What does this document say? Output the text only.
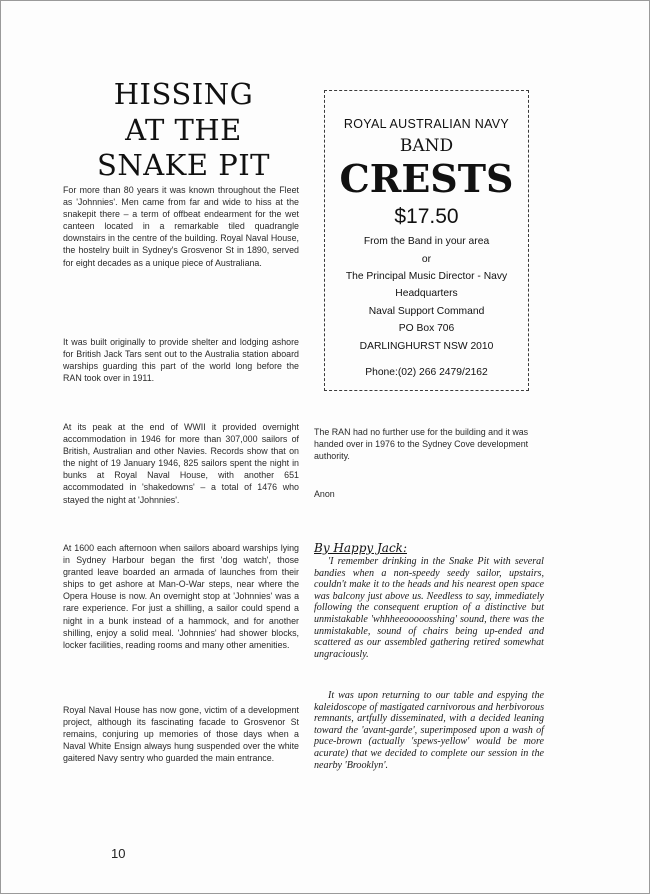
HISSING
AT THE
SNAKE PIT
For more than 80 years it was known throughout the Fleet as 'Johnnies'. Men came from far and wide to hiss at the snakepit there – a term of offbeat endearment for the wet canteen located in a remarkable tiled quadrangle downstairs in the centre of the building. Royal Naval House, the hostelry built in Sydney's Grosvenor St in 1890, served for eight decades as a unique piece of Australiana.
It was built originally to provide shelter and lodging ashore for British Jack Tars sent out to the Australia station aboard warships guarding this part of the world long before the RAN took over in 1911.
At its peak at the end of WWII it provided overnight accommodation in 1946 for more than 307,000 sailors of British, Australian and other Navies. Records show that on the night of 19 January 1946, 825 sailors spent the night in bunks at Royal Naval House, with another 651 accommodated in 'shakedowns' – a total of 1476 who stayed the night at 'Johnnies'.
At 1600 each afternoon when sailors aboard warships lying in Sydney Harbour began the first 'dog watch', those granted leave boarded an armada of launches from their ships to get ashore at Man-O-War steps, near where the Opera House is now. An overnight stop at 'Johnnies' was a rare experience. For just a shilling, a sailor could spend a night in a bunk instead of a hammock, and for another shilling, enjoy a solid meal. 'Johnnies' had shower blocks, locker facilities, reading rooms and many other amenities.
Royal Naval House has now gone, victim of a development project, although its fascinating facade to Grosvenor St remains, conjuring up memories of those days when a Naval White Ensign always hung suspended over the white gaitered Navy sentry who guarded the main entrance.
ROYAL AUSTRALIAN NAVY
BAND
CRESTS
$17.50
From the Band in your area
or
The Principal Music Director - Navy
Headquarters
Naval Support Command
PO Box 706
DARLINGHURST NSW 2010
Phone:(02) 266 2479/2162
The RAN had no further use for the building and it was handed over in 1976 to the Sydney Cove development authority.
Anon
By Happy Jack:
'I remember drinking in the Snake Pit with several bandies when a non-speedy seedy sailor, upstairs, couldn't make it to the heads and his nearest open space was balcony just above us. Needless to say, immediately following the consequent eruption of a distinctive but unmistakable 'whhheeooooosshing' sound, there was the unmistakable, sound of chairs being up-ended and scattered as our assembled gathering retired somewhat ungraciously.
It was upon returning to our table and espying the kaleidoscope of mastigated carnivorous and herbivorous remnants, artfully disseminated, with a decided leaning toward the 'avant-garde', superimposed upon a wash of puce-brown (actually 'spews-yellow' would be more acurate) that we decided to complete our session in the nearby 'Brooklyn'.
10
